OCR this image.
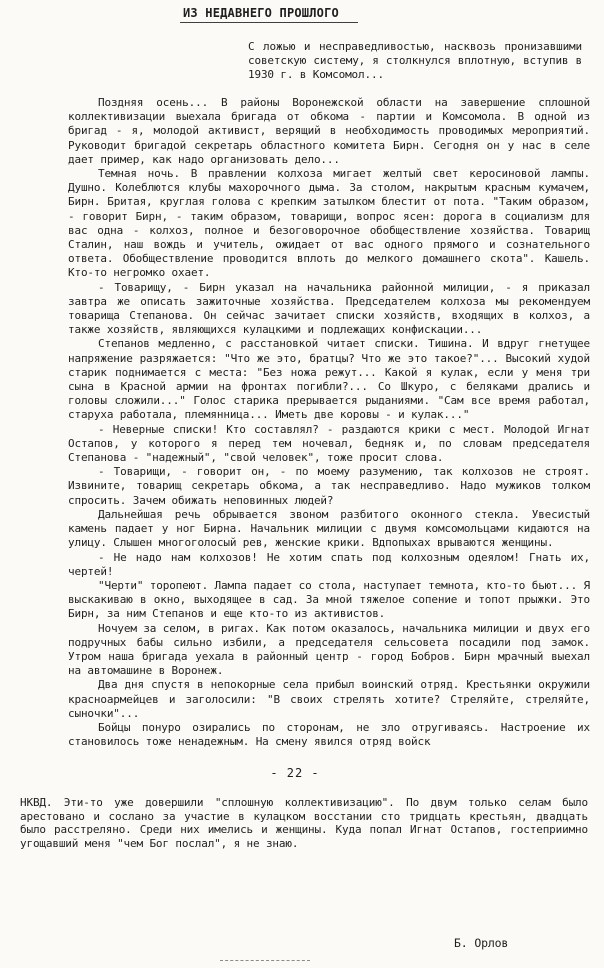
ИЗ НЕДАВНЕГО ПРОШЛОГО
С ложью и несправедливостью, насквозь пронизавшими советскую систему, я столкнулся вплотную, вступив в 1930 г. в Комсомол...

Поздняя осень... В районы Воронежской области на завершение сплошной коллективизации выехала бригада от обкома - партии и Комсомола. В одной из бригад - я, молодой активист, верящий в необходимость проводимых мероприятий. Руководит бригадой секретарь областного комитета Бирн. Сегодня он у нас в селе дает пример, как надо организовать дело...

Темная ночь. В правлении колхоза мигает желтый свет керосиновой лампы. Душно. Колеблются клубы махорочного дыма. За столом, накрытым красным кумачем, Бирн. Бритая, круглая голова с крепким затылком блестит от пота. "Таким образом, - говорит Бирн, - таким образом, товарищи, вопрос ясен: дорога в социализм для вас одна - колхоз, полное и безоговорочное обобществление хозяйства. Товарищ Сталин, наш вождь и учитель, ожидает от вас одного прямого и сознательного ответа. Обобществление проводится вплоть до мелкого домашнего скота". Кашель. Кто-то негромко охает.

- Товарищу, - Бирн указал на начальника районной милиции, - я приказал завтра же описать зажиточные хозяйства. Председателем колхоза мы рекомендуем товарища Степанова. Он сейчас зачитает списки хозяйств, входящих в колхоз, а также хозяйств, являющихся кулацкими и подлежащих конфискации...

Степанов медленно, с расстановкой читает списки. Тишина. И вдруг гнетущее напряжение разряжается: "Что же это, братцы? Что же это такое?"... Высокий худой старик поднимается с места: "Без ножа режут... Какой я кулак, если у меня три сына в Красной армии на фронтах погибли?... Со Шкуро, с беляками дрались и головы сложили..." Голос старика прерывается рыданиями. "Сам все время работал, старуха работала, племянница... Иметь две коровы - и кулак..."

- Неверные списки! Кто составлял? - раздаются крики с мест. Молодой Игнат Остапов, у которого я перед тем ночевал, бедняк и, по словам председателя Степанова - "надежный", "свой человек", тоже просит слова.

- Товарищи, - говорит он, - по моему разумению, так колхозов не строят. Извините, товарищ секретарь обкома, а так несправедливо. Надо мужиков толком спросить. Зачем обижать неповинных людей?

Дальнейшая речь обрывается звоном разбитого оконного стекла. Увесистый камень падает у ног Бирна. Начальник милиции с двумя комсомольцами кидаются на улицу. Слышен многоголосый рев, женские крики. Вдпопыхах врываются женщины.

- Не надо нам колхозов! Не хотим спать под колхозным одеялом! Гнать их, чертей!

"Черти" торопеют. Лампа падает со стола, наступает темнота, кто-то бьют... Я выскакиваю в окно, выходящее в сад. За мной тяжелое сопение и топот прыжки. Это Бирн, за ним Степанов и еще кто-то из активистов.

Ночуем за селом, в ригах. Как потом оказалось, начальника милиции и двух его подручных бабы сильно избили, а председателя сельсовета посадили под замок. Утром наша бригада уехала в районный центр - город Бобров. Бирн мрачный выехал на автомашине в Воронеж.

Два дня спустя в непокорные села прибыл воинский отряд. Крестьянки окружили красноармейцев и заголосили: "В своих стрелять хотите? Стреляйте, стреляйте, сыночки"...

Бойцы понуро озирались по сторонам, не зло отругиваясь. Настроение их становилось тоже ненадежным. На смену явился отряд войск

- 22 -
НКВД. Эти-то уже довершили "сплошную коллективизацию". По двум только селам было арестовано и сослано за участие в кулацком восстании сто тридцать крестьян, двадцать было расстреляно. Среди них имелись и женщины. Куда попал Игнат Остапов, гостеприимно угощавший меня "чем Бог послал", я не знаю.
Б. Орлов
